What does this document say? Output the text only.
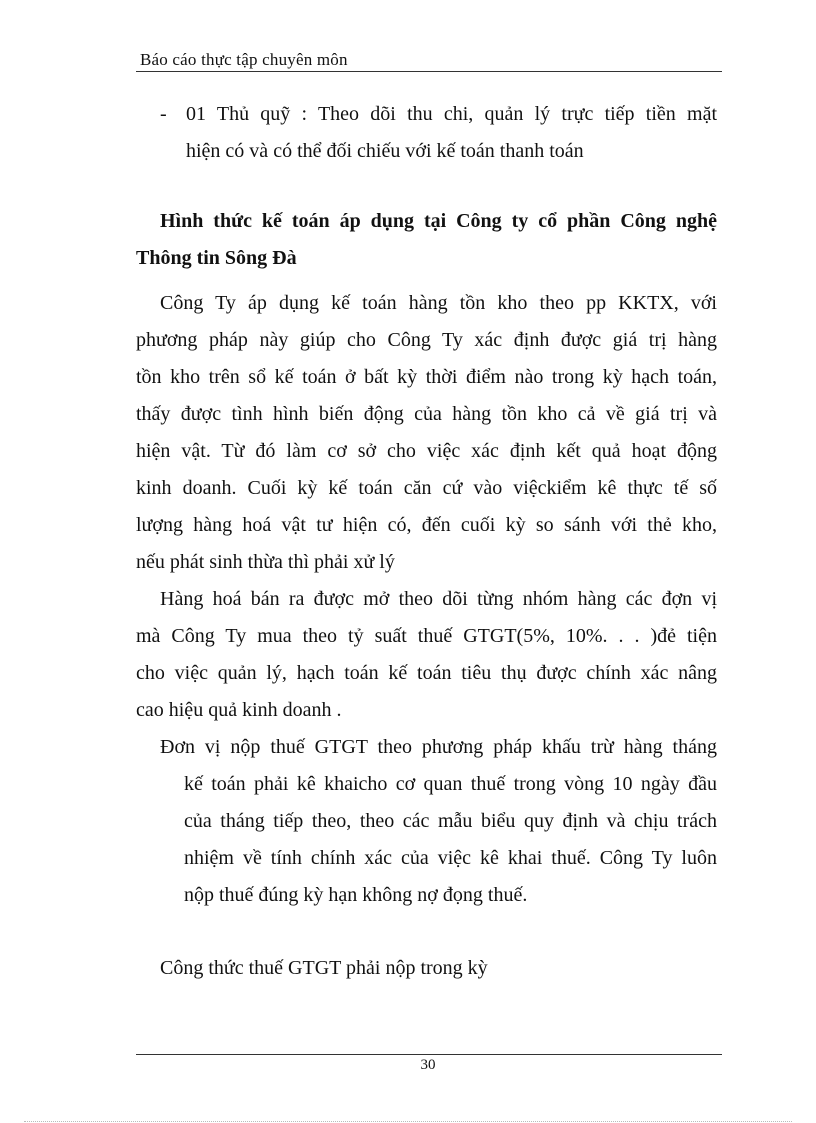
Báo cáo thực tập chuyên môn
- 01 Thủ quỹ : Theo dõi thu chi, quản lý trực tiếp tiền mặt
hiện có và có thể đối chiếu với kế toán thanh toán
Hình thức kế toán áp dụng tại Công ty cổ phần Công nghệ
Thông tin Sông Đà
Công Ty áp dụng kế toán hàng tồn kho theo pp KKTX, với
phương pháp này giúp cho Công Ty xác định được giá trị hàng
tồn kho trên sổ kế toán ở bất kỳ thời điểm nào trong kỳ hạch toán,
thấy được tình hình biến động của hàng tồn kho cả về giá trị và
hiện vật. Từ đó làm cơ sở cho việc xác định kết quả hoạt động
kinh doanh. Cuối kỳ kế toán căn cứ vào việckiểm kê thực tế số
lượng hàng hoá vật tư hiện có, đến cuối kỳ so sánh với thẻ kho,
nếu phát sinh thừa thì phải xử lý
Hàng hoá bán ra được mở theo dõi từng nhóm hàng các đợn vị
mà Công Ty mua theo tỷ suất thuế GTGT(5%, 10%. . . )đẻ tiện
cho việc quản lý, hạch toán kế toán tiêu thụ được chính xác nâng
cao hiệu quả kinh doanh .
Đơn vị nộp thuế GTGT theo phương pháp khấu trừ hàng tháng
kế toán phải kê khaicho cơ quan thuế trong vòng 10 ngày đầu
của tháng tiếp theo, theo các mẫu biểu quy định và chịu trách
nhiệm về tính chính xác của việc kê khai thuế. Công Ty luôn
nộp thuế đúng kỳ hạn không nợ đọng thuế.
Công thức thuế GTGT phải nộp trong kỳ
30
